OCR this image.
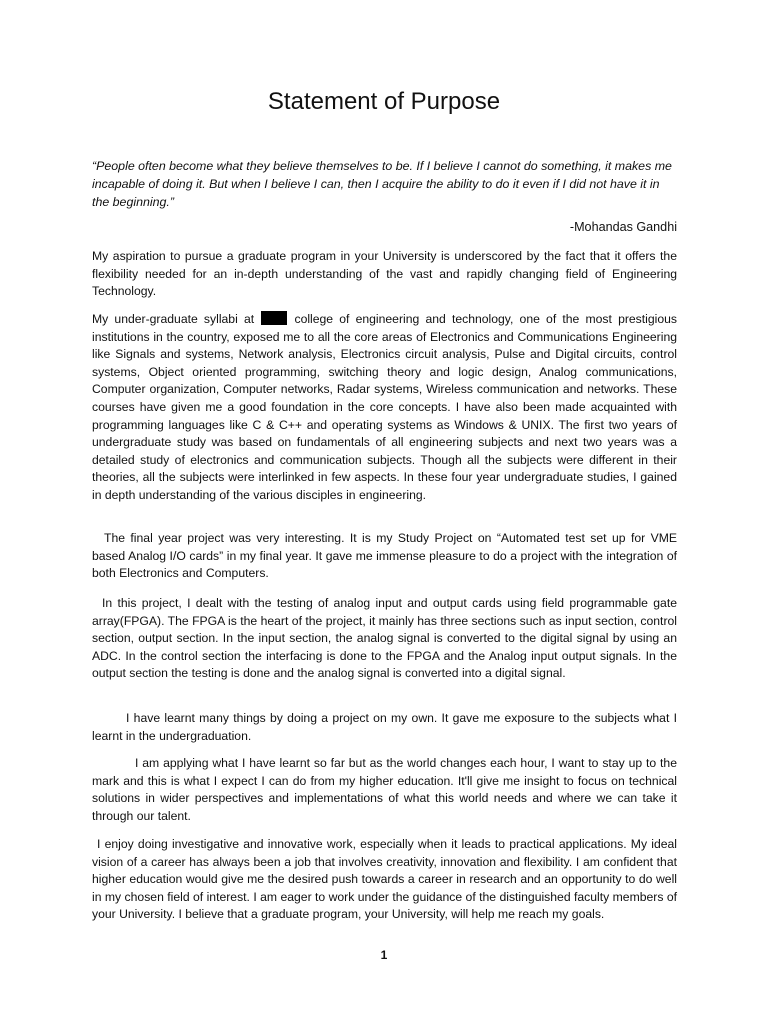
Statement of Purpose
“People often become what they believe themselves to be. If I believe I cannot do something, it makes me incapable of doing it. But when I believe I can, then I acquire the ability to do it even if I did not have it in the beginning.”
-Mohandas Gandhi

My aspiration to pursue a graduate program in your University is underscored by the fact that it offers the flexibility needed for an in-depth understanding of the vast and rapidly changing field of Engineering Technology.

My under-graduate syllabi at	college of engineering and technology, one of the most prestigious institutions in the country, exposed me to all the core areas of Electronics and Communications Engineering like Signals and systems, Network analysis, Electronics circuit analysis, Pulse and Digital circuits, control systems, Object oriented programming, switching theory and logic design, Analog communications, Computer organization, Computer networks, Radar systems, Wireless communication and networks. These courses have given me a good foundation in the core concepts. I have also been made acquainted with programming languages like C & C++ and operating systems as Windows & UNIX. The first two years of undergraduate study was based on fundamentals of all engineering subjects and next two years was a detailed study of electronics and communication subjects. Though all the subjects were different in their theories, all the subjects were interlinked in few aspects. In these four year undergraduate studies, I gained in depth understanding of the various disciples in engineering.

The final year project was very interesting. It is my Study Project on “Automated test set up for VME based Analog I/O cards” in my final year. It gave me immense pleasure to do a project with the integration of both Electronics and Computers.

In this project, I dealt with the testing of analog input and output cards using field programmable gate array(FPGA). The FPGA is the heart of the project, it mainly has three sections such as input section, control section, output section. In the input section, the analog signal is converted to the digital signal by using an ADC. In the control section the interfacing is done to the FPGA and the Analog input output signals. In the output section the testing is done and the analog signal is converted into a digital signal.

I have learnt many things by doing a project on my own. It gave me exposure to the subjects what I learnt in the undergraduation.

I am applying what I have learnt so far but as the world changes each hour, I want to stay up to the mark and this is what I expect I can do from my higher education. It'll give me insight to focus on technical solutions in wider perspectives and implementations of what this world needs and where we can take it through our talent.

I enjoy doing investigative and innovative work, especially when it leads to practical applications. My ideal vision of a career has always been a job that involves creativity, innovation and flexibility. I am confident that higher education would give me the desired push towards a career in research and an opportunity to do well in my chosen field of interest. I am eager to work under the guidance of the distinguished faculty members of your University. I believe that a graduate program, your University, will help me reach my goals.

1
